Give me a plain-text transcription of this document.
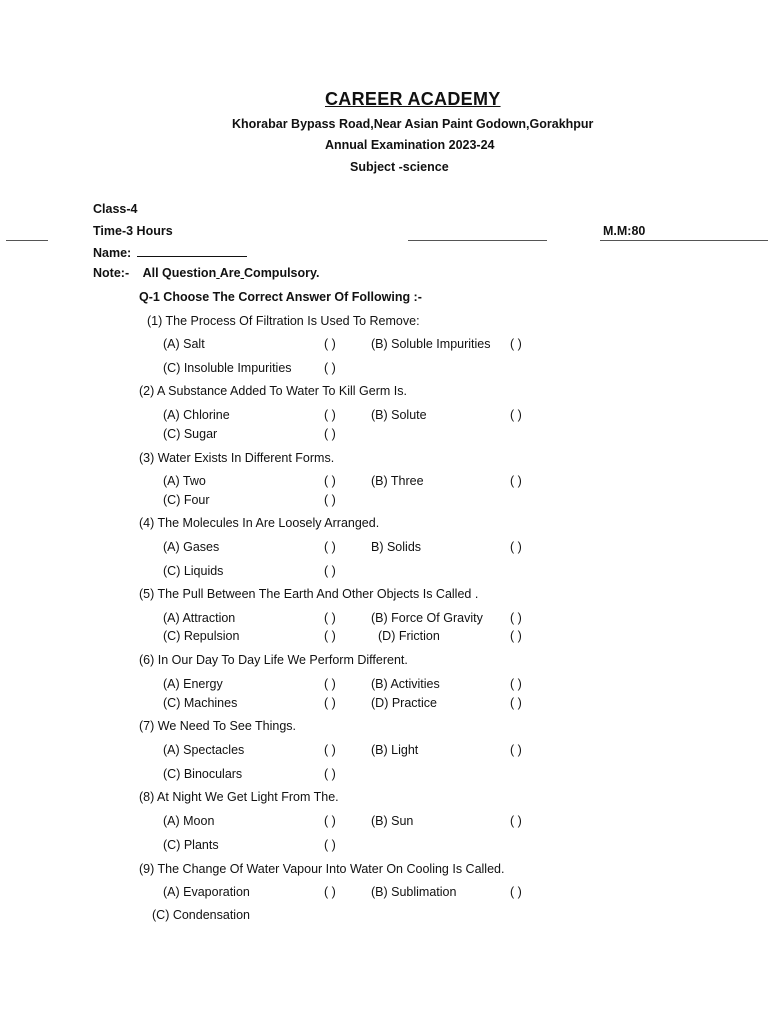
CAREER ACADEMY
Khorabar Bypass Road,Near Asian Paint Godown,Gorakhpur
Annual Examination 2023-24
Subject -science
Class-4
Time-3 Hours	M.M:80
Name:
Note:- All Question Are Compulsory.
Q-1 Choose The Correct Answer Of Following :-
(1) The Process Of Filtration Is Used To Remove:
(A) Salt	( )	(B) Soluble Impurities ( )
(C) Insoluble Impurities	( )
(2) A Substance Added To Water To Kill Germ Is.
(A) Chlorine	( )	(B) Solute	( )
(C) Sugar	( )
(3) Water Exists In Different Forms.
(A) Two	( )	(B) Three	( )
(C) Four	( )
(4) The Molecules In Are Loosely Arranged.
(A) Gases	( )	B) Solids	( )
(C) Liquids	( )
(5) The Pull Between The Earth And Other Objects Is Called .
(A) Attraction	( )	(B) Force Of Gravity ( )
(C) Repulsion	( )	(D) Friction	( )
(6) In Our Day To Day Life We Perform Different.
(A) Energy	( )	(B) Activities	( )
(C) Machines	( )	(D) Practice	( )
(7) We Need To See Things.
(A) Spectacles	( )	(B) Light	( )
(C) Binoculars	( )
(8) At Night We Get Light From The.
(A) Moon	( )	(B) Sun	( )
(C) Plants	( )
(9) The Change Of Water Vapour Into Water On Cooling Is Called.
(A) Evaporation	( )	(B) Sublimation	( )
(C) Condensation
